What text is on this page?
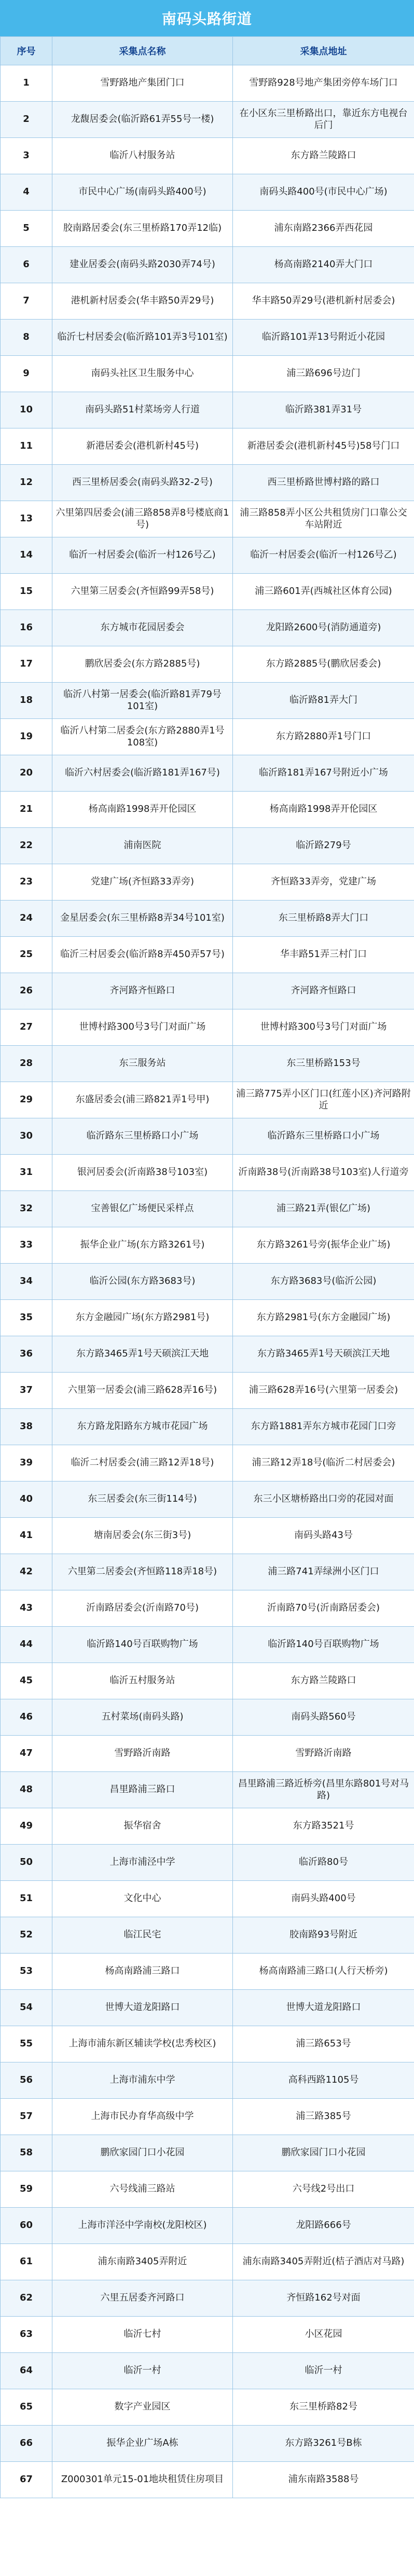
南码头路街道
序号	采集点名称	采集点地址
1	雪野路地产集团门口	雪野路928号地产集团旁停车场门口
2	龙馥居委会(临沂路61弄55号一楼)	在小区东三里桥路出口，靠近东方电视台后门
3	临沂八村服务站	东方路兰陵路口
4	市民中心广场(南码头路400号)	南码头路400号(市民中心广场)
5	胶南路居委会(东三里桥路170弄12临)	浦东南路2366弄西花园
6	建业居委会(南码头路2030弄74号)	杨高南路2140弄大门口
7	港机新村居委会(华丰路50弄29号)	华丰路50弄29号(港机新村居委会)
8	临沂七村居委会(临沂路101弄3号101室)	临沂路101弄13号附近小花园
9	南码头社区卫生服务中心	浦三路696号边门
10	南码头路51村菜场旁人行道	临沂路381弄31号
11	新港居委会(港机新村45号)	新港居委会(港机新村45号)58号门口
12	西三里桥居委会(南码头路32-2号)	西三里桥路世博村路的路口
13	六里第四居委会(浦三路858弄8号楼底商1号)	浦三路858弄小区公共租赁房门口靠公交车站附近
14	临沂一村居委会(临沂一村126号乙)	临沂一村居委会(临沂一村126号乙)
15	六里第三居委会(齐恒路99弄58号)	浦三路601弄(西城社区体育公园)
16	东方城市花园居委会	龙阳路2600号(消防通道旁)
17	鹏欣居委会(东方路2885号)	东方路2885号(鹏欣居委会)
18	临沂八村第一居委会(临沂路81弄79号101室)	临沂路81弄大门
19	临沂八村第二居委会(东方路2880弄1号108室)	东方路2880弄1号门口
20	临沂六村居委会(临沂路181弄167号)	临沂路181弄167号附近小广场
21	杨高南路1998弄开伦园区	杨高南路1998弄开伦园区
22	浦南医院	临沂路279号
23	党建广场(齐恒路33弄旁)	齐恒路33弄旁，党建广场
24	金星居委会(东三里桥路8弄34号101室)	东三里桥路8弄大门口
25	临沂三村居委会(临沂路8弄450弄57号)	华丰路51弄三村门口
26	齐河路齐恒路口	齐河路齐恒路口
27	世博村路300号3号门对面广场	世博村路300号3号门对面广场
28	东三服务站	东三里桥路153号
29	东盛居委会(浦三路821弄1号甲)	浦三路775弄小区门口(红莲小区)齐河路附近
30	临沂路东三里桥路口小广场	临沂路东三里桥路口小广场
31	银河居委会(沂南路38号103室)	沂南路38号(沂南路38号103室)人行道旁
32	宝善银亿广场便民采样点	浦三路21弄(银亿广场)
33	振华企业广场(东方路3261号)	东方路3261号旁(振华企业广场)
34	临沂公园(东方路3683号)	东方路3683号(临沂公园)
35	东方金融园广场(东方路2981号)	东方路2981号(东方金融园广场)
36	东方路3465弄1号天硕滨江天地	东方路3465弄1号天硕滨江天地
37	六里第一居委会(浦三路628弄16号)	浦三路628弄16号(六里第一居委会)
38	东方路龙阳路东方城市花园广场	东方路1881弄东方城市花园门口旁
39	临沂二村居委会(浦三路12弄18号)	浦三路12弄18号(临沂二村居委会)
40	东三居委会(东三街114号)	东三小区塘桥路出口旁的花园对面
41	塘南居委会(东三街3号)	南码头路43号
42	六里第二居委会(齐恒路118弄18号)	浦三路741弄绿洲小区门口
43	沂南路居委会(沂南路70号)	沂南路70号(沂南路居委会)
44	临沂路140号百联购物广场	临沂路140号百联购物广场
45	临沂五村服务站	东方路兰陵路口
46	五村菜场(南码头路)	南码头路560号
47	雪野路沂南路	雪野路沂南路
48	昌里路浦三路口	昌里路浦三路近桥旁(昌里东路801号对马路)
49	振华宿舍	东方路3521号
50	上海市浦泾中学	临沂路80号
51	文化中心	南码头路400号
52	临江民宅	胶南路93号附近
53	杨高南路浦三路口	杨高南路浦三路口(人行天桥旁)
54	世博大道龙阳路口	世博大道龙阳路口
55	上海市浦东新区辅读学校(忠秀校区)	浦三路653号
56	上海市浦东中学	高科西路1105号
57	上海市民办育华高级中学	浦三路385号
58	鹏欣家园门口小花园	鹏欣家园门口小花园
59	六号线浦三路站	六号线2号出口
60	上海市洋泾中学南校(龙阳校区)	龙阳路666号
61	浦东南路3405弄附近	浦东南路3405弄附近(桔子酒店对马路)
62	六里五居委齐河路口	齐恒路162号对面
63	临沂七村	小区花园
64	临沂一村	临沂一村
65	数字产业园区	东三里桥路82号
66	振华企业广场A栋	东方路3261号B栋
67	Z000301单元15-01地块租赁住房项目	浦东南路3588号
